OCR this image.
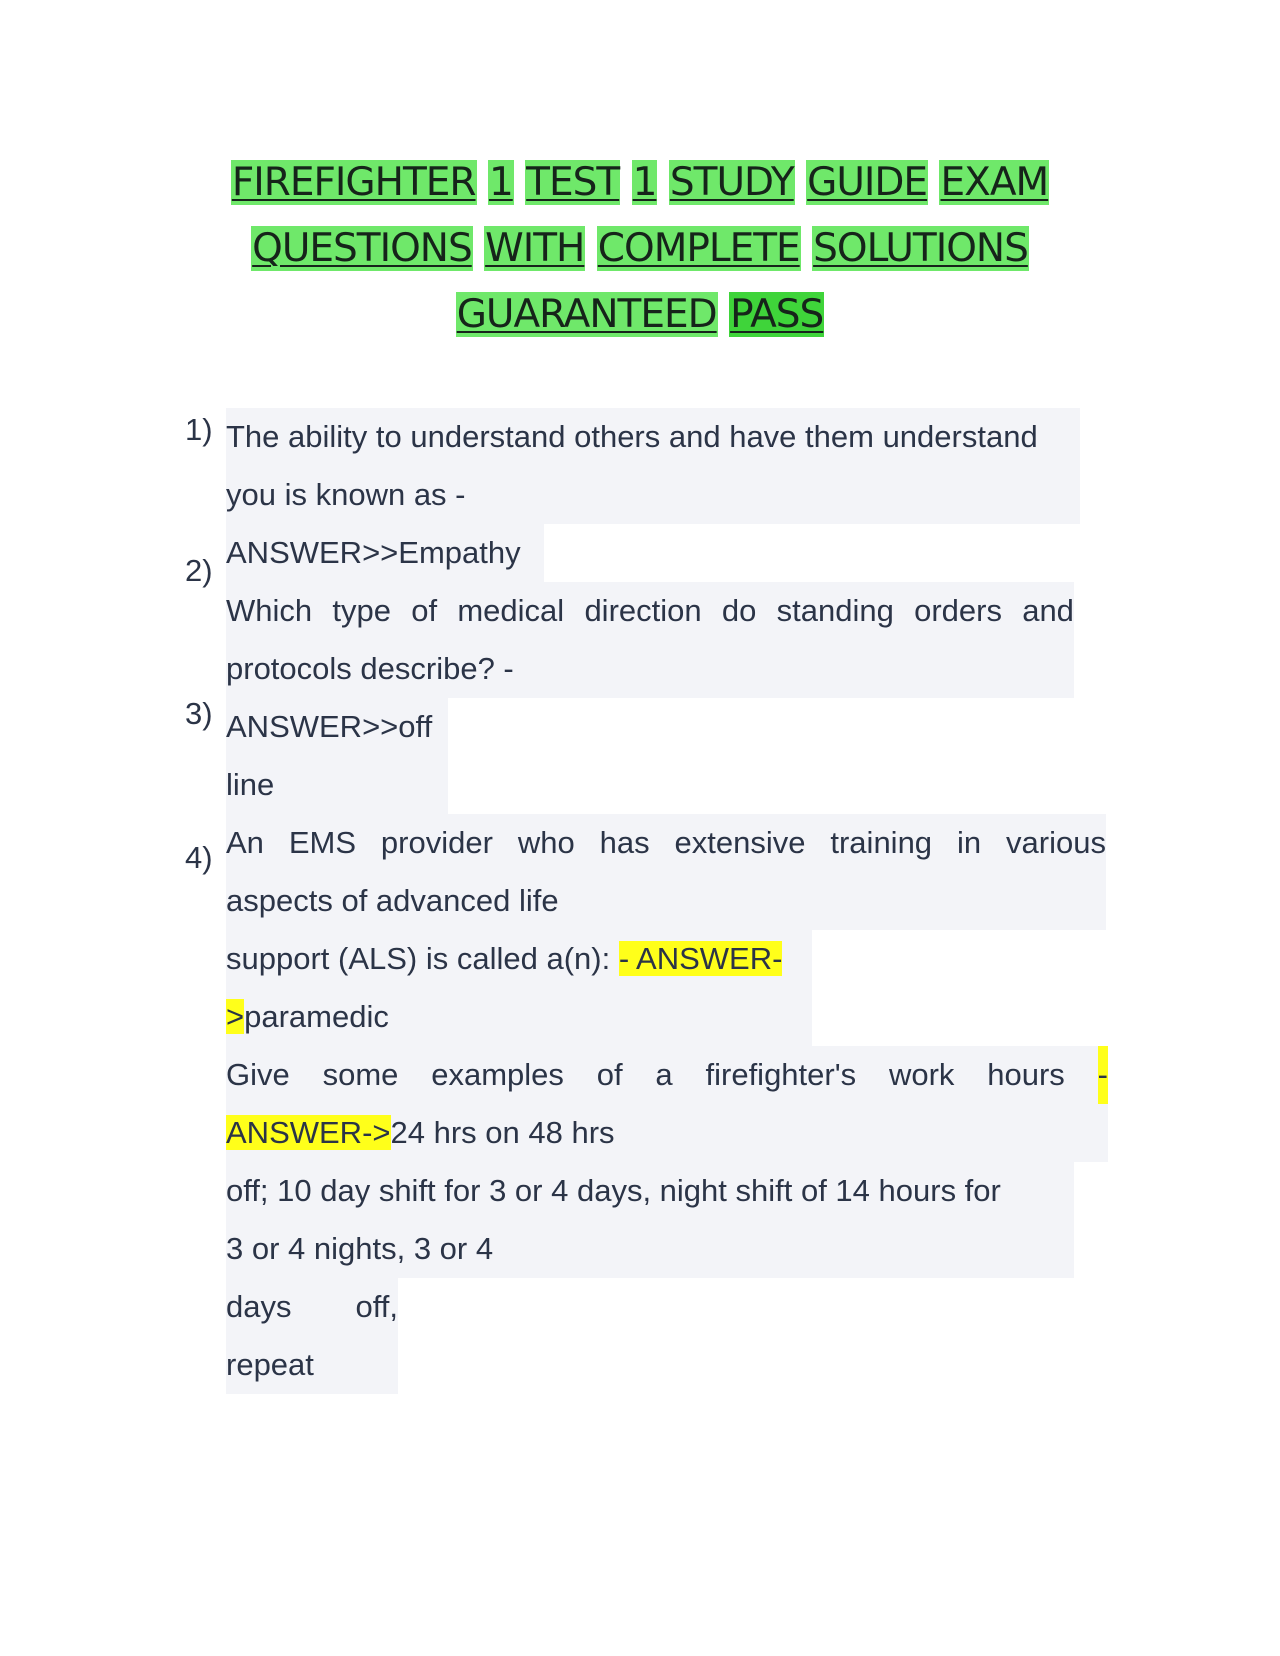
FIREFIGHTER 1 TEST 1 STUDY GUIDE EXAM
QUESTIONS WITH COMPLETE SOLUTIONS
GUARANTEED PASS
1)
2)
3)
4)
The ability to understand others and have them understand
you is known as -
ANSWER>>Empathy
Which type of medical direction do standing orders and
protocols describe? -
ANSWER>>off
line
An EMS provider who has extensive training in various
aspects of advanced life
support (ALS) is called a(n): - ANSWER-
>paramedic
Give some examples of a firefighter's work hours -
ANSWER->24 hrs on 48 hrs
off; 10 day shift for 3 or 4 days, night shift of 14 hours for
3 or 4 nights, 3 or 4
days off,
repeat
